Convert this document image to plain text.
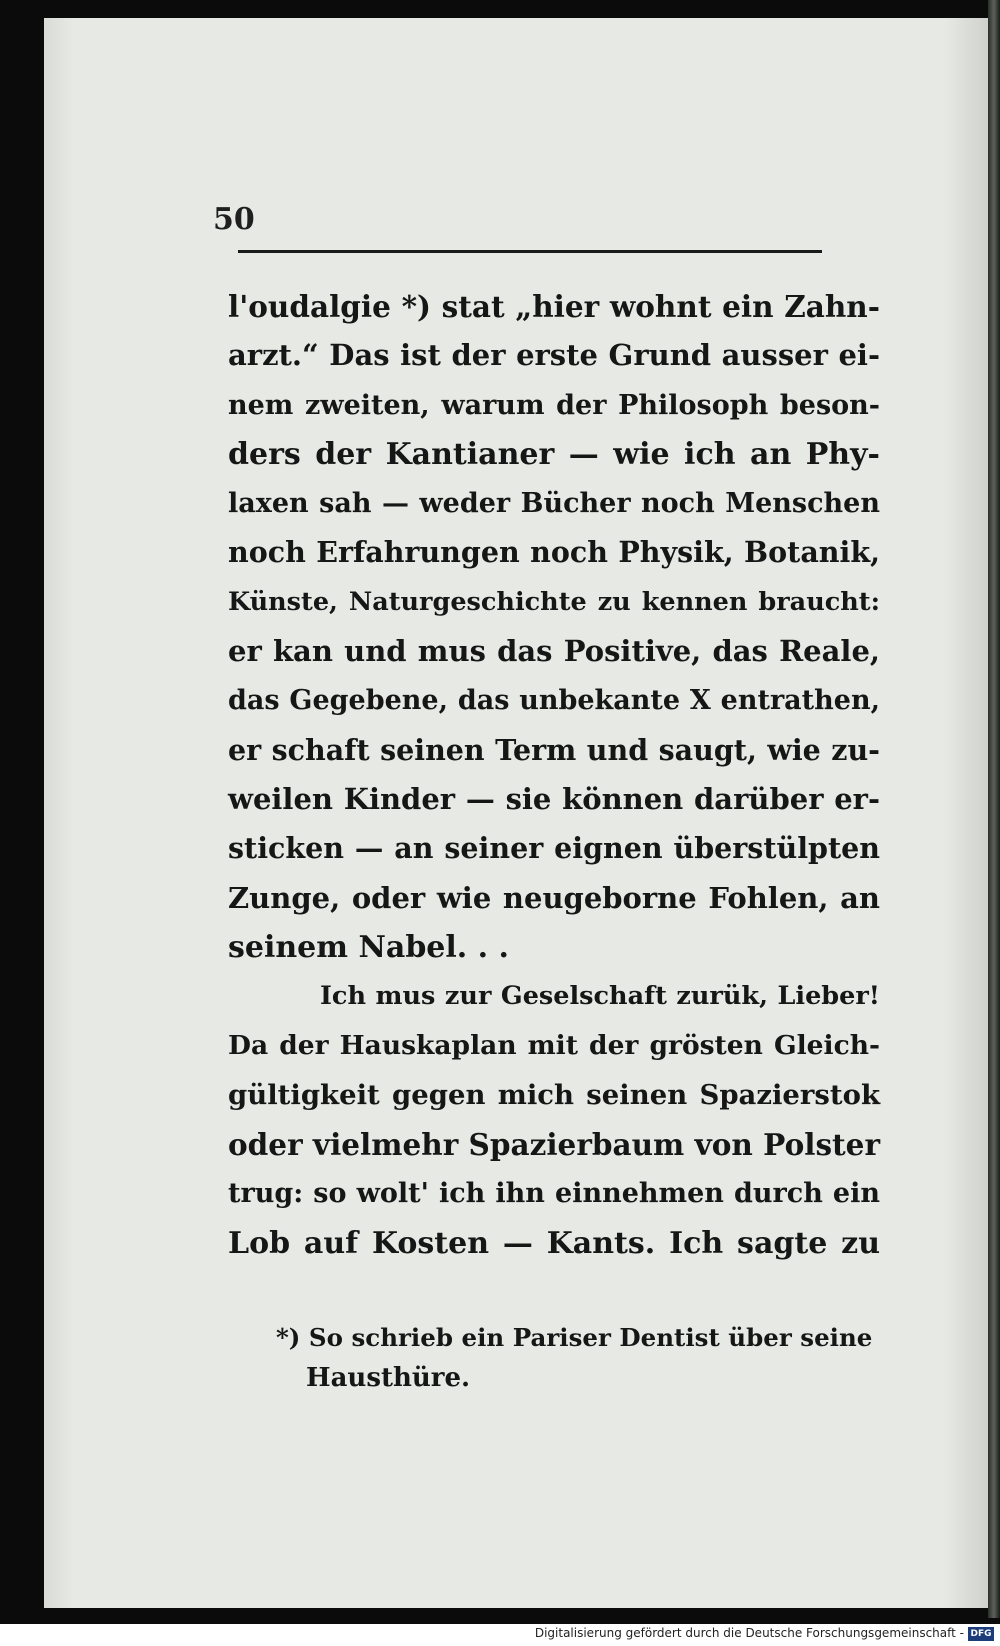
50
l'oudalgie *) stat „hier wohnt ein Zahn-
arzt.“ Das ist der erste Grund ausser ei-
nem zweiten, warum der Philosoph beson-
ders der Kantianer — wie ich an Phy-
laxen sah — weder Bücher noch Menschen
noch Erfahrungen noch Physik, Botanik,
Künste, Naturgeschichte zu kennen braucht:
er kan und mus das Positive, das Reale,
das Gegebene, das unbekante X entrathen,
er schaft seinen Term und saugt, wie zu-
weilen Kinder — sie können darüber er-
sticken — an seiner eignen überstülpten
Zunge, oder wie neugeborne Fohlen, an
seinem Nabel. . .
Ich mus zur Geselschaft zurük, Lieber!
Da der Hauskaplan mit der grösten Gleich-
gültigkeit gegen mich seinen Spazierstok
oder vielmehr Spazierbaum von Polster
trug: so wolt' ich ihn einnehmen durch ein
Lob auf Kosten — Kants. Ich sagte zu
*) So schrieb ein Pariser Dentist über seine
Hausthüre.
Digitalisierung gefördert durch die Deutsche Forschungsgemeinschaft - DFG
